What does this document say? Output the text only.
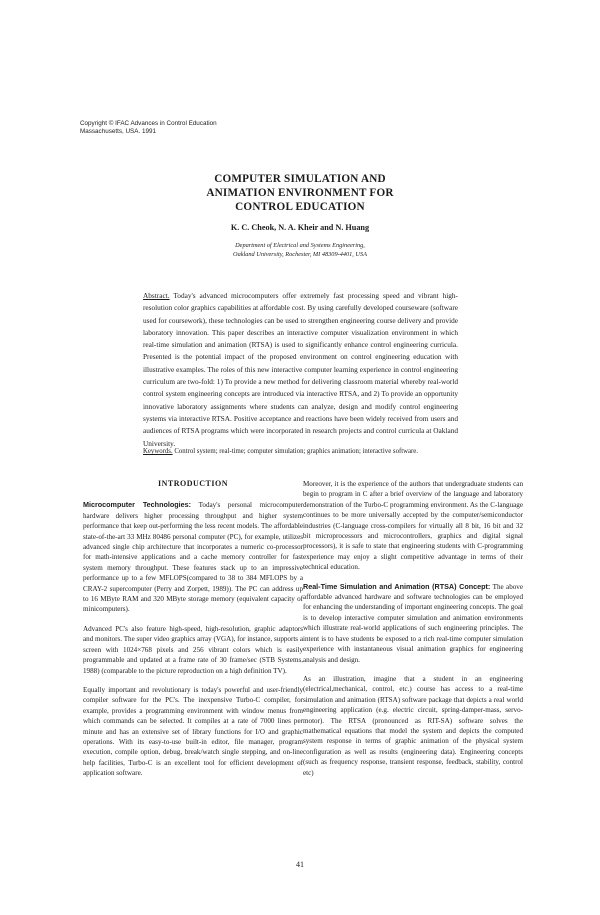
Copyright © IFAC Advances in Control Education
Massachusetts, USA. 1991
COMPUTER SIMULATION AND
ANIMATION ENVIRONMENT FOR
CONTROL EDUCATION
K. C. Cheok, N. A. Kheir and N. Huang
Department of Electrical and Systems Engineering,
Oakland University, Rochester, MI 48309-4401, USA
Abstract. Today's advanced microcomputers offer extremely fast processing speed and vibrant high-resolution color graphics capabilities at affordable cost. By using carefully developed courseware (software used for coursework), these technologies can be used to strengthen engineering course delivery and provide laboratory innovation. This paper describes an interactive computer visualization environment in which real-time simulation and animation (RTSA) is used to significantly enhance control engineering curricula. Presented is the potential impact of the proposed environment on control engineering education with illustrative examples. The roles of this new interactive computer learning experience in control engineering curriculum are two-fold: 1) To provide a new method for delivering classroom material whereby real-world control system engineering concepts are introduced via interactive RTSA, and 2) To provide an opportunity innovative laboratory assignments where students can analyze, design and modify control engineering systems via interactive RTSA. Positive acceptance and reactions have been widely received from users and audiences of RTSA programs which were incorporated in research projects and control curricula at Oakland University.
Keywords. Control system; real-time; computer simulation; graphics animation; interactive software.
INTRODUCTION

Microcomputer Technologies: Today's personal microcomputer hardware delivers higher processing throughput and higher system performance that keep out-performing the less recent models. The affordable state-of-the-art 33 MHz 80486 personal computer (PC), for example, utilizes advanced single chip architecture that incorporates a numeric co-processor for math-intensive applications and a cache memory controller for fast system memory throughput. These features stack up to an impressive performance up to a few MFLOPS(compared to 38 to 384 MFLOPS by a CRAY-2 supercomputer (Perry and Zorpett, 1989)). The PC can address up to 16 MByte RAM and 320 MByte storage memory (equivalent capacity of minicomputers).

Advanced PC's also feature high-speed, high-resolution, graphic adaptors and monitors. The super video graphics array (VGA), for instance, supports a screen with 1024×768 pixels and 256 vibrant colors which is easily programmable and updated at a frame rate of 30 frame/sec (STB Systems, 1988) (comparable to the picture reproduction on a high definition TV).

Equally important and revolutionary is today's powerful and user-friendly compiler software for the PC's. The inexpensive Turbo-C compiler, for example, provides a programming environment with window menus from which commands can be selected. It compiles at a rate of 7000 lines per minute and has an extensive set of library functions for I/O and graphic operations. With its easy-to-use built-in editor, file manager, program execution, compile option, debug, break/watch single stepping, and on-line help facilities, Turbo-C is an excellent tool for efficient development of application software.

Moreover, it is the experience of the authors that undergraduate students can begin to program in C after a brief overview of the language and laboratory demonstration of the Turbo-C programming environment. As the C-language continues to be more universally accepted by the computer/semiconductor industries (C-language cross-compilers for virtually all 8 bit, 16 bit and 32 bit microprocessors and microcontrollers, graphics and digital signal processors), it is safe to state that engineering students with C-programming experience may enjoy a slight competitive advantage in terms of their technical education.

Real-Time Simulation and Animation (RTSA) Concept: The above affordable advanced hardware and software technologies can be employed for enhancing the understanding of important engineering concepts. The goal is to develop interactive computer simulation and animation environments which illustrate real-world applications of such engineering principles. The intent is to have students be exposed to a rich real-time computer simulation experience with instantaneous visual animation graphics for engineering analysis and design.

As an illustration, imagine that a student in an engineering (electrical,mechanical, control, etc.) course has access to a real-time simulation and animation (RTSA) software package that depicts a real world engineering application (e.g. electric circuit, spring-damper-mass, servo-motor). The RTSA (pronounced as RIT-SA) software solves the mathematical equations that model the system and depicts the computed system response in terms of graphic animation of the physical system configuration as well as results (engineering data). Engineering concepts (such as frequency response, transient response, feedback, stability, control etc)

41
